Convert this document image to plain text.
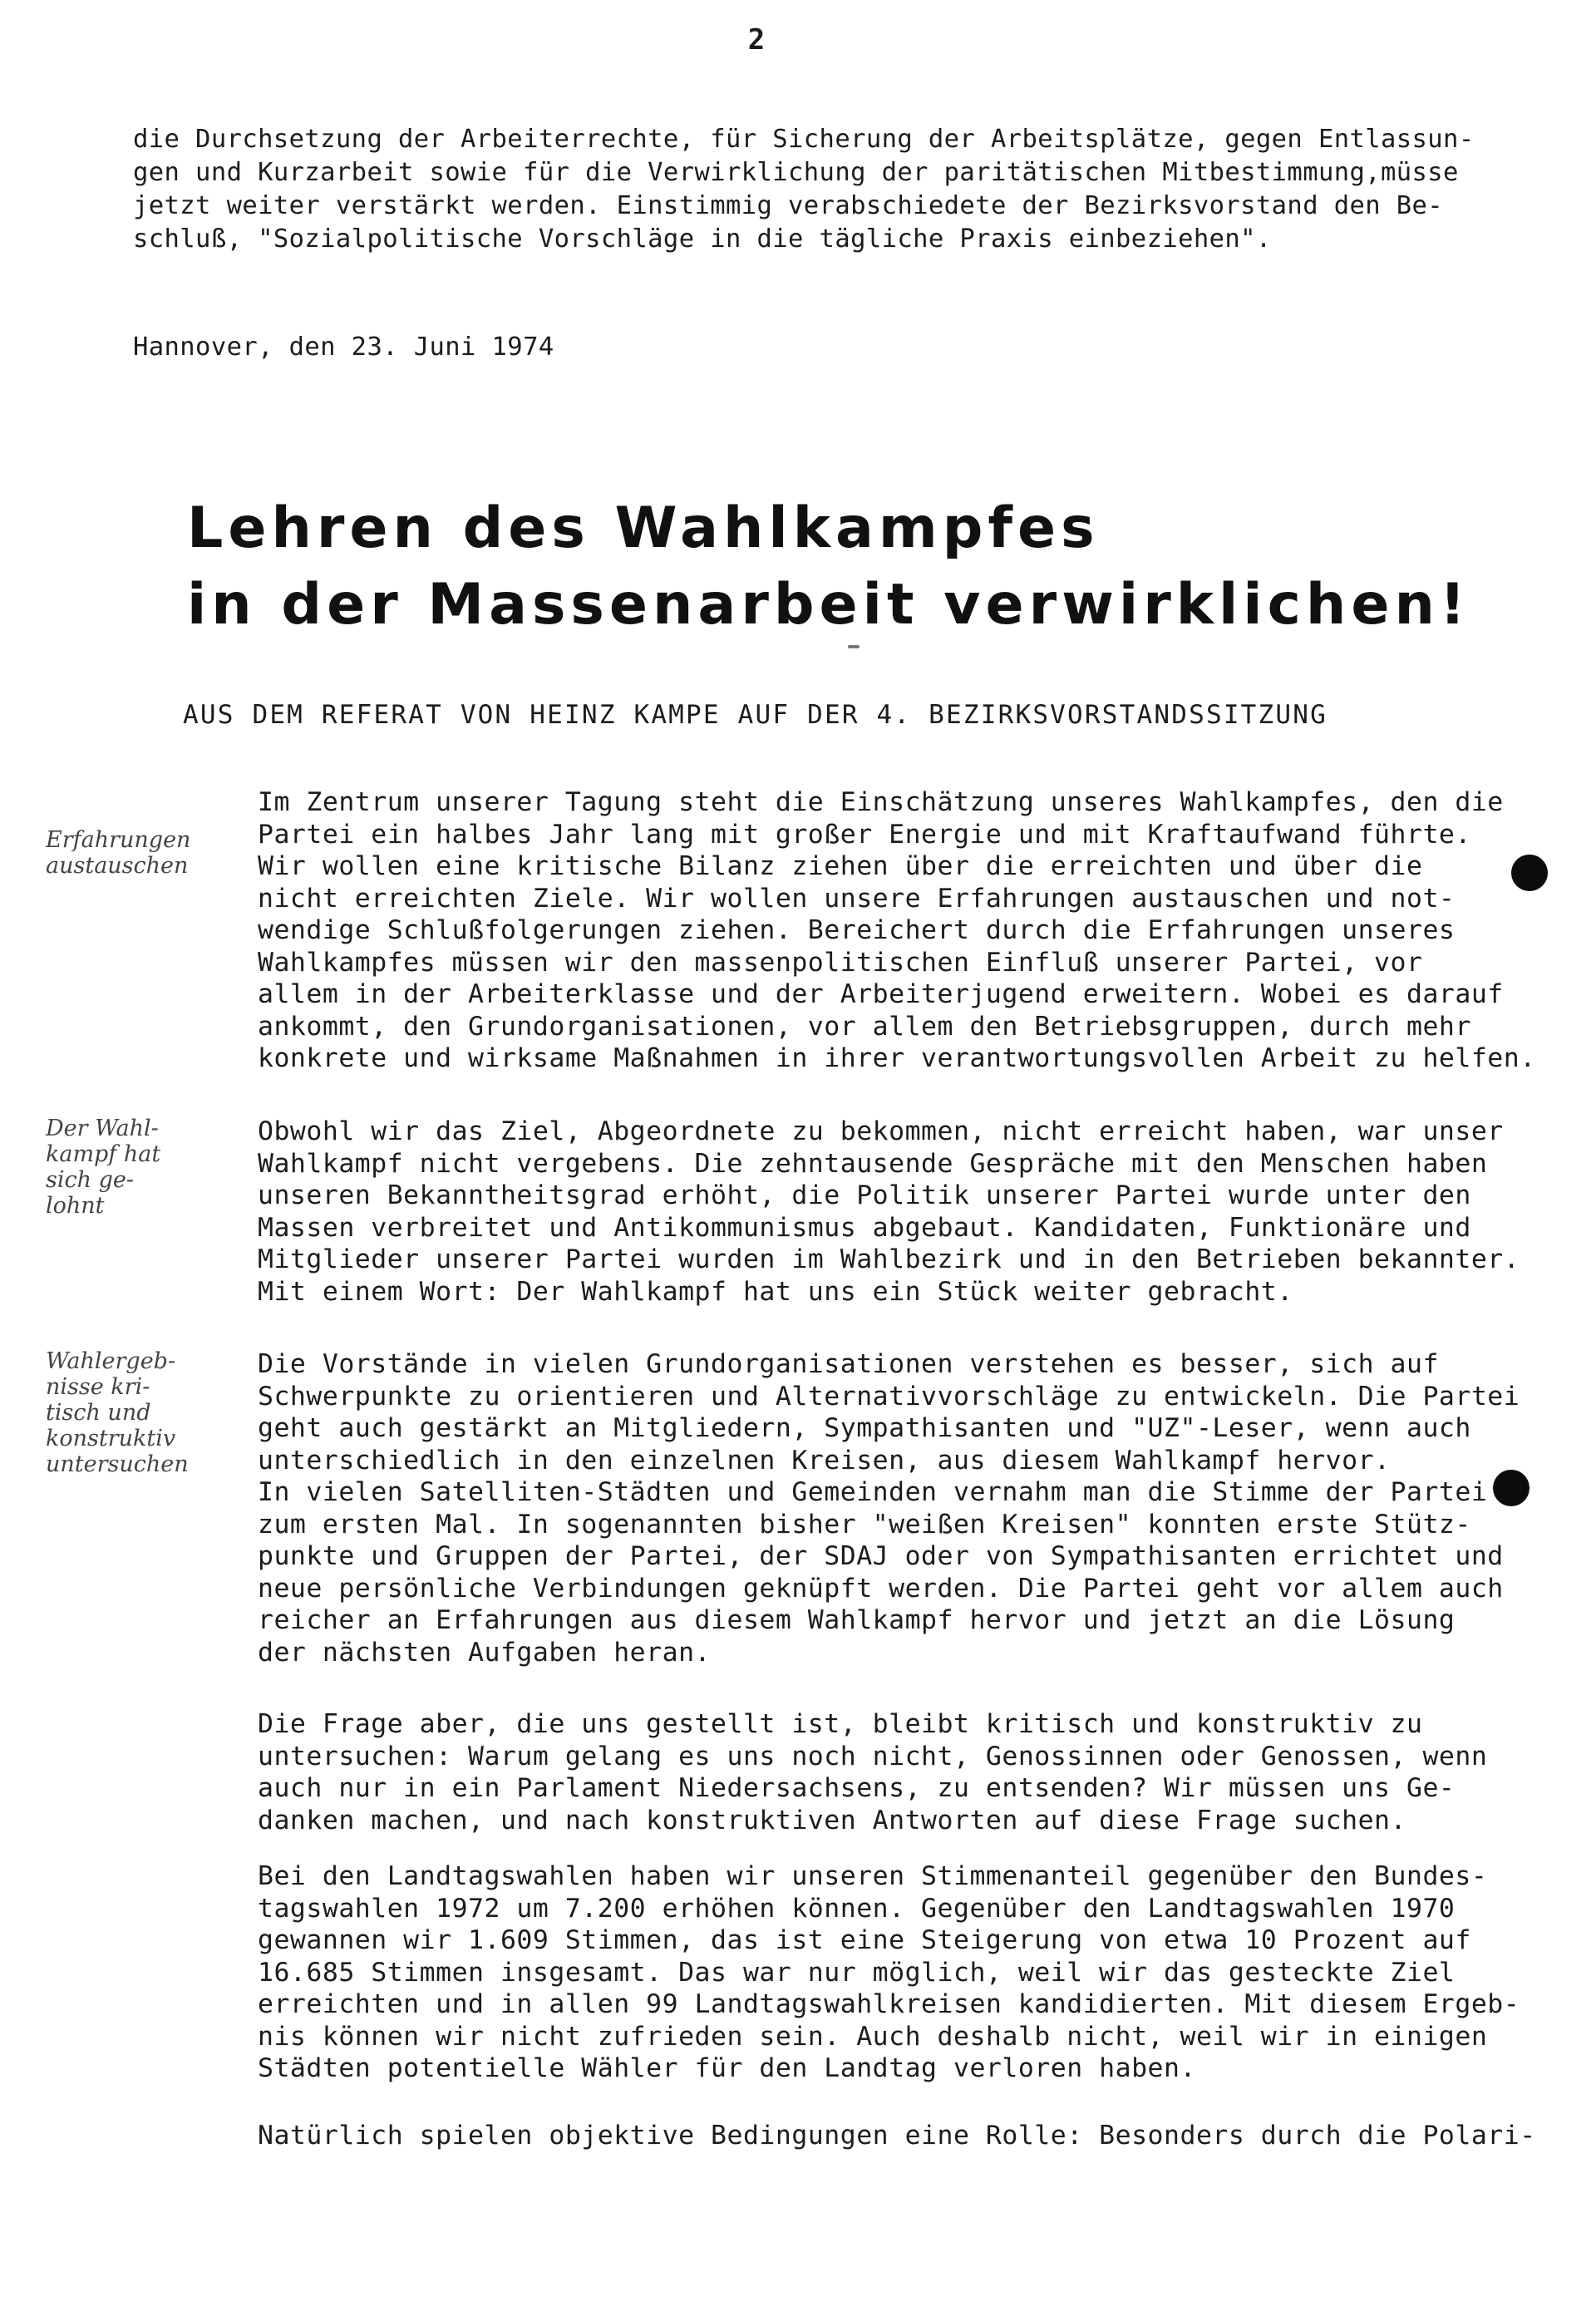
2
die Durchsetzung der Arbeiterrechte, für Sicherung der Arbeitsplätze, gegen Entlassun-
gen und Kurzarbeit sowie für die Verwirklichung der paritätischen Mitbestimmung,müsse
jetzt weiter verstärkt werden. Einstimmig verabschiedete der Bezirksvorstand den Be-
schluß, "Sozialpolitische Vorschläge in die tägliche Praxis einbeziehen".
Hannover, den 23. Juni 1974
Lehren des Wahlkampfes
in der Massenarbeit verwirklichen!
AUS DEM REFERAT VON HEINZ KAMPE AUF DER 4. BEZIRKSVORSTANDSSITZUNG
Erfahrungen
austauschen
Der Wahl-
kampf hat
sich ge-
lohnt
Wahlergeb-
nisse kri-
tisch und
konstruktiv
untersuchen
Im Zentrum unserer Tagung steht die Einschätzung unseres Wahlkampfes, den die
Partei ein halbes Jahr lang mit großer Energie und mit Kraftaufwand führte.
Wir wollen eine kritische Bilanz ziehen über die erreichten und über die
nicht erreichten Ziele. Wir wollen unsere Erfahrungen austauschen und not-
wendige Schlußfolgerungen ziehen. Bereichert durch die Erfahrungen unseres
Wahlkampfes müssen wir den massenpolitischen Einfluß unserer Partei, vor
allem in der Arbeiterklasse und der Arbeiterjugend erweitern. Wobei es darauf
ankommt, den Grundorganisationen, vor allem den Betriebsgruppen, durch mehr
konkrete und wirksame Maßnahmen in ihrer verantwortungsvollen Arbeit zu helfen.
Obwohl wir das Ziel, Abgeordnete zu bekommen, nicht erreicht haben, war unser
Wahlkampf nicht vergebens. Die zehntausende Gespräche mit den Menschen haben
unseren Bekanntheitsgrad erhöht, die Politik unserer Partei wurde unter den
Massen verbreitet und Antikommunismus abgebaut. Kandidaten, Funktionäre und
Mitglieder unserer Partei wurden im Wahlbezirk und in den Betrieben bekannter.
Mit einem Wort: Der Wahlkampf hat uns ein Stück weiter gebracht.
Die Vorstände in vielen Grundorganisationen verstehen es besser, sich auf
Schwerpunkte zu orientieren und Alternativvorschläge zu entwickeln. Die Partei
geht auch gestärkt an Mitgliedern, Sympathisanten und "UZ"-Leser, wenn auch
unterschiedlich in den einzelnen Kreisen, aus diesem Wahlkampf hervor.
In vielen Satelliten-Städten und Gemeinden vernahm man die Stimme der Partei
zum ersten Mal. In sogenannten bisher "weißen Kreisen" konnten erste Stütz-
punkte und Gruppen der Partei, der SDAJ oder von Sympathisanten errichtet und
neue persönliche Verbindungen geknüpft werden. Die Partei geht vor allem auch
reicher an Erfahrungen aus diesem Wahlkampf hervor und jetzt an die Lösung
der nächsten Aufgaben heran.
Die Frage aber, die uns gestellt ist, bleibt kritisch und konstruktiv zu
untersuchen: Warum gelang es uns noch nicht, Genossinnen oder Genossen, wenn
auch nur in ein Parlament Niedersachsens, zu entsenden? Wir müssen uns Ge-
danken machen, und nach konstruktiven Antworten auf diese Frage suchen.
Bei den Landtagswahlen haben wir unseren Stimmenanteil gegenüber den Bundes-
tagswahlen 1972 um 7.200 erhöhen können. Gegenüber den Landtagswahlen 1970
gewannen wir 1.609 Stimmen, das ist eine Steigerung von etwa 10 Prozent auf
16.685 Stimmen insgesamt. Das war nur möglich, weil wir das gesteckte Ziel
erreichten und in allen 99 Landtagswahlkreisen kandidierten. Mit diesem Ergeb-
nis können wir nicht zufrieden sein. Auch deshalb nicht, weil wir in einigen
Städten potentielle Wähler für den Landtag verloren haben.
Natürlich spielen objektive Bedingungen eine Rolle: Besonders durch die Polari-
